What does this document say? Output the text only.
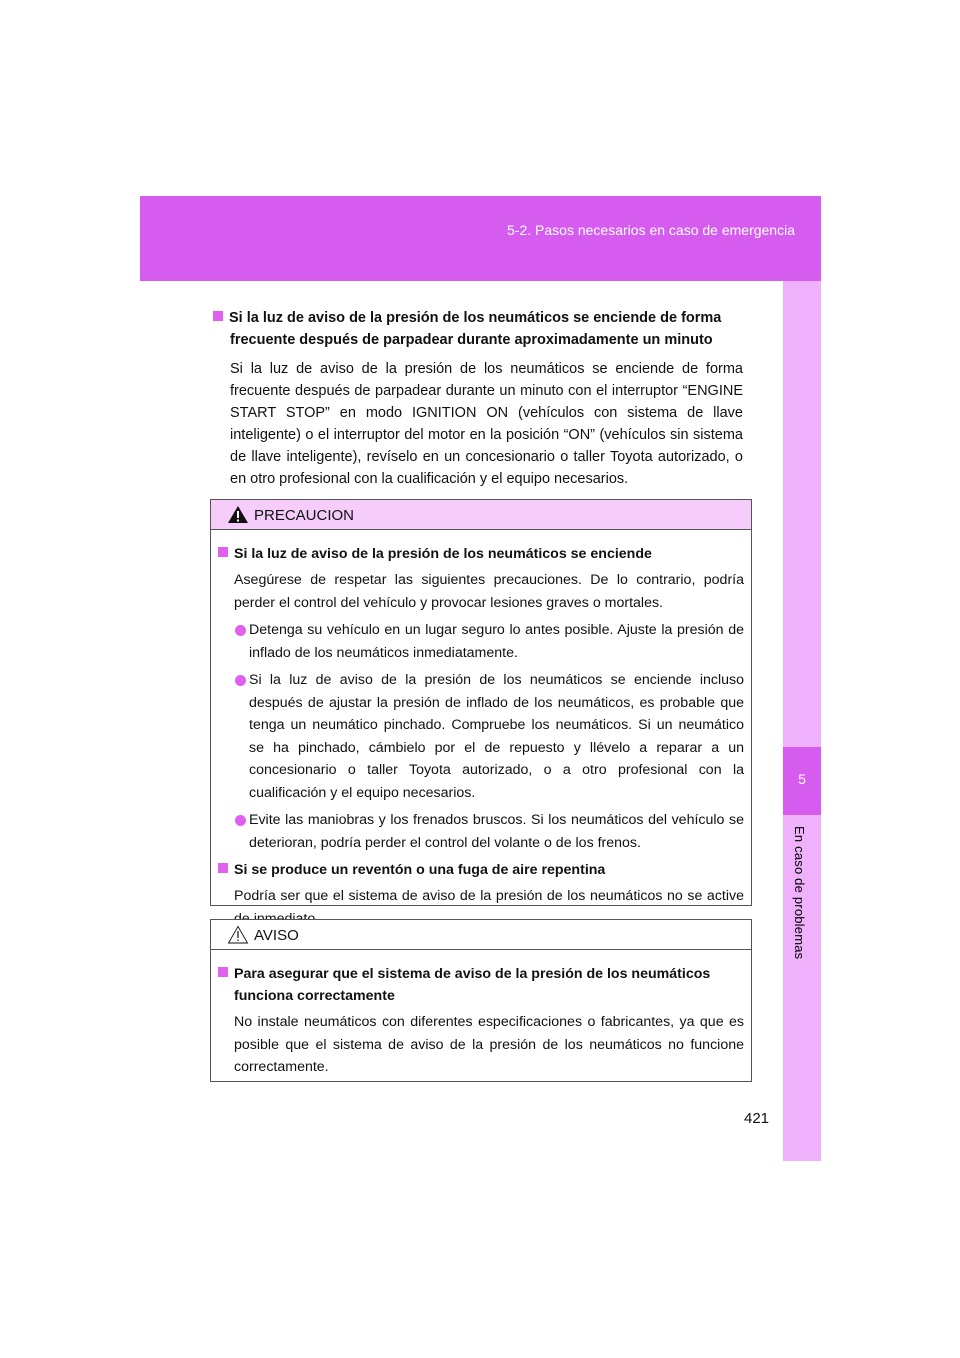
5-2. Pasos necesarios en caso de emergencia
5
En caso de problemas
Si la luz de aviso de la presión de los neumáticos se enciende de forma frecuente después de parpadear durante aproximadamente un minuto
Si la luz de aviso de la presión de los neumáticos se enciende de forma frecuente después de parpadear durante un minuto con el interruptor “ENGINE START STOP” en modo IGNITION ON (vehículos con sistema de llave inteligente) o el interruptor del motor en la posición “ON” (vehículos sin sistema de llave inteligente), revíselo en un concesionario o taller Toyota autorizado, o en otro profesional con la cualificación y el equipo necesarios.
PRECAUCION
Si la luz de aviso de la presión de los neumáticos se enciende
Asegúrese de respetar las siguientes precauciones. De lo contrario, podría perder el control del vehículo y provocar lesiones graves o mortales.
Detenga su vehículo en un lugar seguro lo antes posible. Ajuste la presión de inflado de los neumáticos inmediatamente.
Si la luz de aviso de la presión de los neumáticos se enciende incluso después de ajustar la presión de inflado de los neumáticos, es probable que tenga un neumático pinchado. Compruebe los neumáticos. Si un neumático se ha pinchado, cámbielo por el de repuesto y llévelo a reparar a un concesionario o taller Toyota autorizado, o a otro profesional con la cualificación y el equipo necesarios.
Evite las maniobras y los frenados bruscos. Si los neumáticos del vehículo se deterioran, podría perder el control del volante o de los frenos.
Si se produce un reventón o una fuga de aire repentina
Podría ser que el sistema de aviso de la presión de los neumáticos no se active
AVISO
Para asegurar que el sistema de aviso de la presión de los neumáticos funciona correctamente
No instale neumáticos con diferentes especificaciones o fabricantes, ya que es posible que el sistema de aviso de la presión de los neumáticos no funcione correctamente.
421
